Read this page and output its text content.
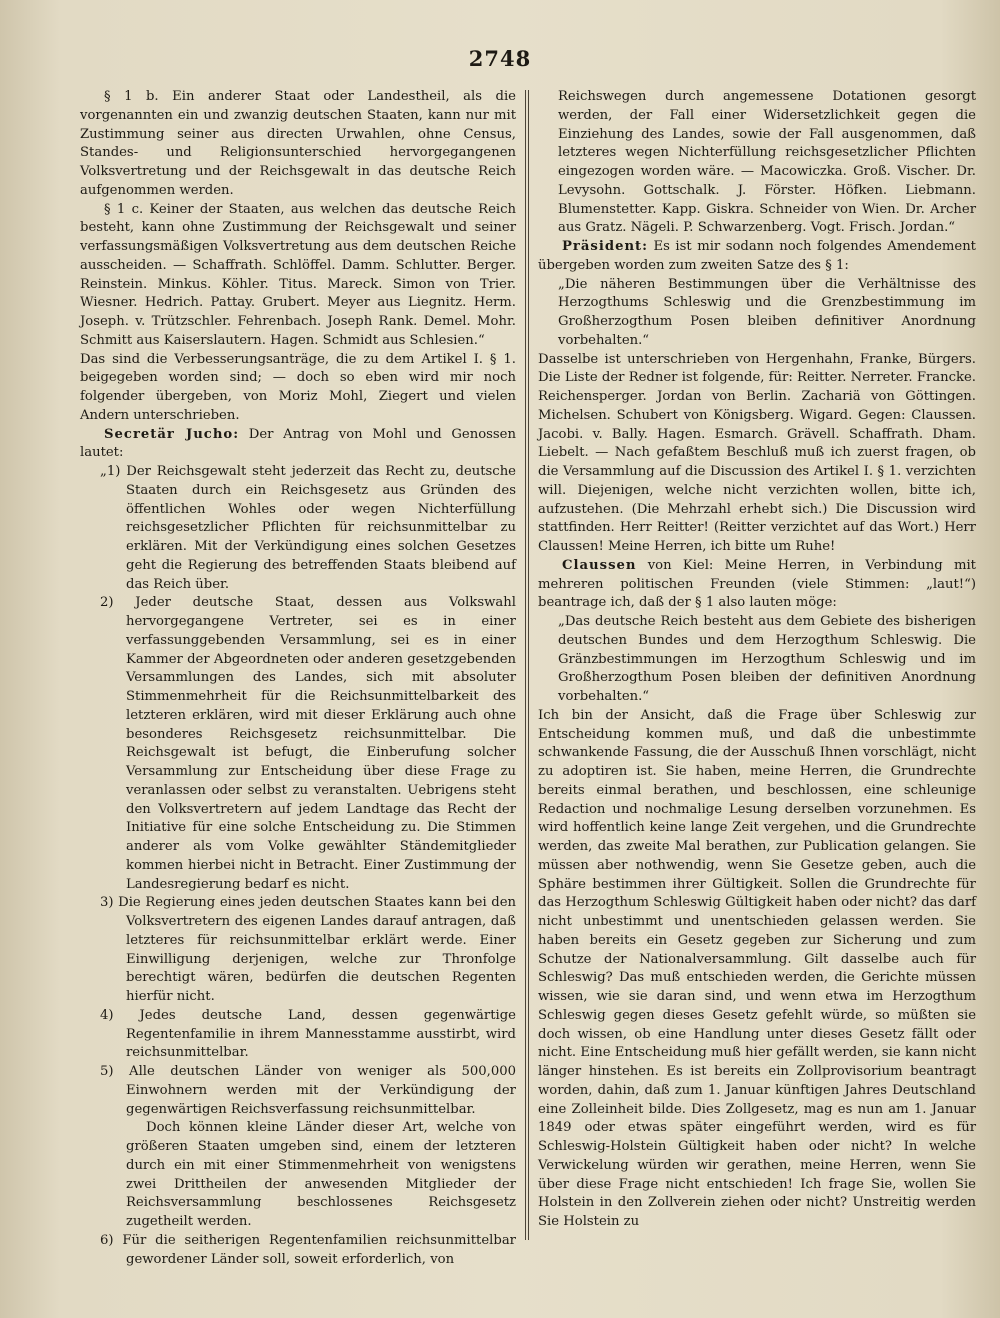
2748

§ 1 b. Ein anderer Staat oder Landestheil, als die vorgenannten ein und zwanzig deutschen Staaten, kann nur mit Zustimmung seiner aus directen Urwahlen, ohne Census, Standes- und Religionsunterschied hervorgegangenen Volksvertretung und der Reichsgewalt in das deutsche Reich aufgenommen werden.

§ 1 c. Keiner der Staaten, aus welchen das deutsche Reich besteht, kann ohne Zustimmung der Reichsgewalt und seiner verfassungsmäßigen Volksvertretung aus dem deutschen Reiche ausscheiden. — Schaffrath. Schlöffel. Damm. Schlutter. Berger. Reinstein. Minkus. Köhler. Titus. Mareck. Simon von Trier. Wiesner. Hedrich. Pattay. Grubert. Meyer aus Liegnitz. Herm. Joseph. v. Trützschler. Fehrenbach. Joseph Rank. Demel. Mohr. Schmitt aus Kaiserslautern. Hagen. Schmidt aus Schlesien.“

Das sind die Verbesserungsanträge, die zu dem Artikel I. § 1. beigegeben worden sind; — doch so eben wird mir noch folgender übergeben, von Moriz Mohl, Ziegert und vielen Andern unterschrieben.

Secretär Jucho: Der Antrag von Mohl und Genossen lautet:

„1) Der Reichsgewalt steht jederzeit das Recht zu, deutsche Staaten durch ein Reichsgesetz aus Gründen des öffentlichen Wohles oder wegen Nichterfüllung reichsgesetzlicher Pflichten für reichsunmittelbar zu erklären. Mit der Verkündigung eines solchen Gesetzes geht die Regierung des betreffenden Staats bleibend auf das Reich über.

2) Jeder deutsche Staat, dessen aus Volkswahl hervorgegangene Vertreter, sei es in einer verfassunggebenden Versammlung, sei es in einer Kammer der Abgeordneten oder anderen gesetzgebenden Versammlungen des Landes, sich mit absoluter Stimmenmehrheit für die Reichsunmittelbarkeit des letzteren erklären, wird mit dieser Erklärung auch ohne besonderes Reichsgesetz reichsunmittelbar. Die Reichsgewalt ist befugt, die Einberufung solcher Versammlung zur Entscheidung über diese Frage zu veranlassen oder selbst zu veranstalten. Uebrigens steht den Volksvertretern auf jedem Landtage das Recht der Initiative für eine solche Entscheidung zu. Die Stimmen anderer als vom Volke gewählter Ständemitglieder kommen hierbei nicht in Betracht. Einer Zustimmung der Landesregierung bedarf es nicht.

3) Die Regierung eines jeden deutschen Staates kann bei den Volksvertretern des eigenen Landes darauf antragen, daß letzteres für reichsunmittelbar erklärt werde. Einer Einwilligung derjenigen, welche zur Thronfolge berechtigt wären, bedürfen die deutschen Regenten hierfür nicht.

4) Jedes deutsche Land, dessen gegenwärtige Regentenfamilie in ihrem Mannesstamme ausstirbt, wird reichsunmittelbar.

5) Alle deutschen Länder von weniger als 500,000 Einwohnern werden mit der Verkündigung der gegenwärtigen Reichsverfassung reichsunmittelbar.

Doch können kleine Länder dieser Art, welche von größeren Staaten umgeben sind, einem der letzteren durch ein mit einer Stimmenmehrheit von wenigstens zwei Drittheilen der anwesenden Mitglieder der Reichsversammlung beschlossenes Reichsgesetz zugetheilt werden.

6) Für die seitherigen Regentenfamilien reichsunmittelbar gewordener Länder soll, soweit erforderlich, von

Reichswegen durch angemessene Dotationen gesorgt werden, der Fall einer Widersetzlichkeit gegen die Einziehung des Landes, sowie der Fall ausgenommen, daß letzteres wegen Nichterfüllung reichsgesetzlicher Pflichten eingezogen worden wäre. — Macowiczka. Groß. Vischer. Dr. Levysohn. Gottschalk. J. Förster. Höfken. Liebmann. Blumenstetter. Kapp. Giskra. Schneider von Wien. Dr. Archer aus Gratz. Nägeli. P. Schwarzenberg. Vogt. Frisch. Jordan.“

Präsident: Es ist mir sodann noch folgendes Amendement übergeben worden zum zweiten Satze des § 1:

„Die näheren Bestimmungen über die Verhältnisse des Herzogthums Schleswig und die Grenzbestimmung im Großherzogthum Posen bleiben definitiver Anordnung vorbehalten.“

Dasselbe ist unterschrieben von Hergenhahn, Franke, Bürgers. Die Liste der Redner ist folgende, für: Reitter. Nerreter. Francke. Reichensperger. Jordan von Berlin. Zachariä von Göttingen. Michelsen. Schubert von Königsberg. Wigard. Gegen: Claussen. Jacobi. v. Bally. Hagen. Esmarch. Grävell. Schaffrath. Dham. Liebelt. — Nach gefaßtem Beschluß muß ich zuerst fragen, ob die Versammlung auf die Discussion des Artikel I. § 1. verzichten will. Diejenigen, welche nicht verzichten wollen, bitte ich, aufzustehen. (Die Mehrzahl erhebt sich.) Die Discussion wird stattfinden. Herr Reitter! (Reitter verzichtet auf das Wort.) Herr Claussen! Meine Herren, ich bitte um Ruhe!

Claussen von Kiel: Meine Herren, in Verbindung mit mehreren politischen Freunden (viele Stimmen: „laut!“) beantrage ich, daß der § 1 also lauten möge:

„Das deutsche Reich besteht aus dem Gebiete des bisherigen deutschen Bundes und dem Herzogthum Schleswig. Die Gränzbestimmungen im Herzogthum Schleswig und im Großherzogthum Posen bleiben der definitiven Anordnung vorbehalten.“

Ich bin der Ansicht, daß die Frage über Schleswig zur Entscheidung kommen muß, und daß die unbestimmte schwankende Fassung, die der Ausschuß Ihnen vorschlägt, nicht zu adoptiren ist. Sie haben, meine Herren, die Grundrechte bereits einmal berathen, und beschlossen, eine schleunige Redaction und nochmalige Lesung derselben vorzunehmen. Es wird hoffentlich keine lange Zeit vergehen, und die Grundrechte werden, das zweite Mal berathen, zur Publication gelangen. Sie müssen aber nothwendig, wenn Sie Gesetze geben, auch die Sphäre bestimmen ihrer Gültigkeit. Sollen die Grundrechte für das Herzogthum Schleswig Gültigkeit haben oder nicht? das darf nicht unbestimmt und unentschieden gelassen werden. Sie haben bereits ein Gesetz gegeben zur Sicherung und zum Schutze der Nationalversammlung. Gilt dasselbe auch für Schleswig? Das muß entschieden werden, die Gerichte müssen wissen, wie sie daran sind, und wenn etwa im Herzogthum Schleswig gegen dieses Gesetz gefehlt würde, so müßten sie doch wissen, ob eine Handlung unter dieses Gesetz fällt oder nicht. Eine Entscheidung muß hier gefällt werden, sie kann nicht länger hinstehen. Es ist bereits ein Zollprovisorium beantragt worden, dahin, daß zum 1. Januar künftigen Jahres Deutschland eine Zolleinheit bilde. Dies Zollgesetz, mag es nun am 1. Januar 1849 oder etwas später eingeführt werden, wird es für Schleswig-Holstein Gültigkeit haben oder nicht? In welche Verwickelung würden wir gerathen, meine Herren, wenn Sie über diese Frage nicht entschieden! Ich frage Sie, wollen Sie Holstein in den Zollverein ziehen oder nicht? Unstreitig werden Sie Holstein zu
